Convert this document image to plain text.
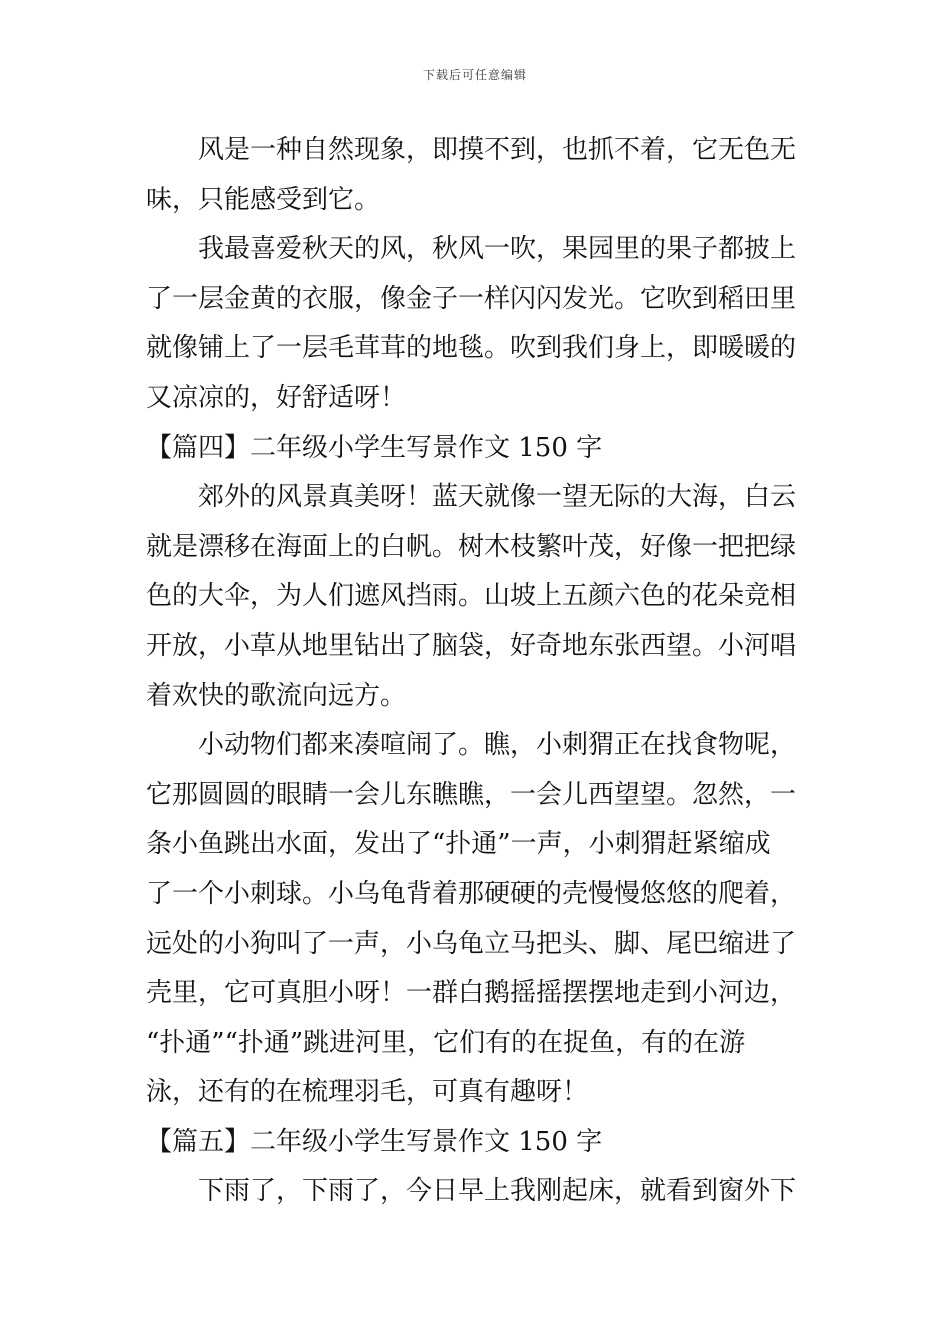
下载后可任意编辑

风是一种自然现象，即摸不到，也抓不着，它无色无
味，只能感受到它。

我最喜爱秋天的风，秋风一吹，果园里的果子都披上
了一层金黄的衣服，像金子一样闪闪发光。它吹到稻田里
就像铺上了一层毛茸茸的地毯。吹到我们身上，即暖暖的
又凉凉的，好舒适呀！

【篇四】二年级小学生写景作文 150 字

郊外的风景真美呀！蓝天就像一望无际的大海，白云
就是漂移在海面上的白帆。树木枝繁叶茂，好像一把把绿
色的大伞，为人们遮风挡雨。山坡上五颜六色的花朵竞相
开放，小草从地里钻出了脑袋，好奇地东张西望。小河唱
着欢快的歌流向远方。

小动物们都来凑喧闹了。瞧，小刺猬正在找食物呢，
它那圆圆的眼睛一会儿东瞧瞧，一会儿西望望。忽然，一
条小鱼跳出水面，发出了“扑通”一声，小刺猬赶紧缩成
了一个小刺球。小乌龟背着那硬硬的壳慢慢悠悠的爬着，
远处的小狗叫了一声，小乌龟立马把头、脚、尾巴缩进了
壳里，它可真胆小呀！一群白鹅摇摇摆摆地走到小河边，
“扑通”“扑通”跳进河里，它们有的在捉鱼，有的在游
泳，还有的在梳理羽毛，可真有趣呀！

【篇五】二年级小学生写景作文 150 字

下雨了，下雨了，今日早上我刚起床，就看到窗外下
